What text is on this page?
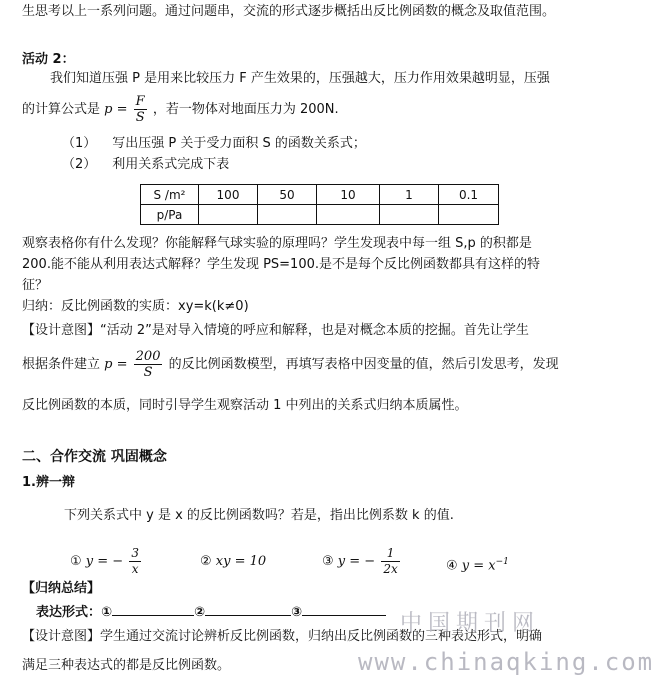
生思考以上一系列问题。通过问题串，交流的形式逐步概括出反比例函数的概念及取值范围。
活动 2：
我们知道压强 P 是用来比较压力 F 产生效果的，压强越大，压力作用效果越明显，压强
的计算公式是 $p = \frac{F}{S}$ ，若一物体对地面压力为 200N.
（1） 写出压强 P 关于受力面积 S 的函数关系式；
（2） 利用关系式完成下表
S /m²	100	50	10	1	0.1
p/Pa					
观察表格你有什么发现？你能解释气球实验的原理吗？学生发现表中每一组 S,p 的积都是
200.能不能从利用表达式解释？学生发现 PS=100.是不是每个反比例函数都具有这样的特
征？
归纳：反比例函数的实质：xy=k(k≠0)
【设计意图】“活动 2”是对导入情境的呼应和解释，也是对概念本质的挖掘。首先让学生
根据条件建立 $p = \frac{200}{S}$ 的反比例函数模型，再填写表格中因变量的值，然后引发思考，发现
反比例函数的本质，同时引导学生观察活动 1 中列出的关系式归纳本质属性。
二、合作交流 巩固概念
1.辨一辩
下列关系式中 y 是 x 的反比例函数吗？若是，指出比例系数 k 的值.
① y = − $\frac{3}{x}$	② xy = 10	③ y = − $\frac{1}{2x}$	④ $y = x^{-1}$
【归纳总结】
表达形式：①	②	③
【设计意图】学生通过交流讨论辨析反比例函数，归纳出反比例函数的三种表达形式，明确
满足三种表达式的都是反比例函数。
中国期刊网
www.chinaqking.com
